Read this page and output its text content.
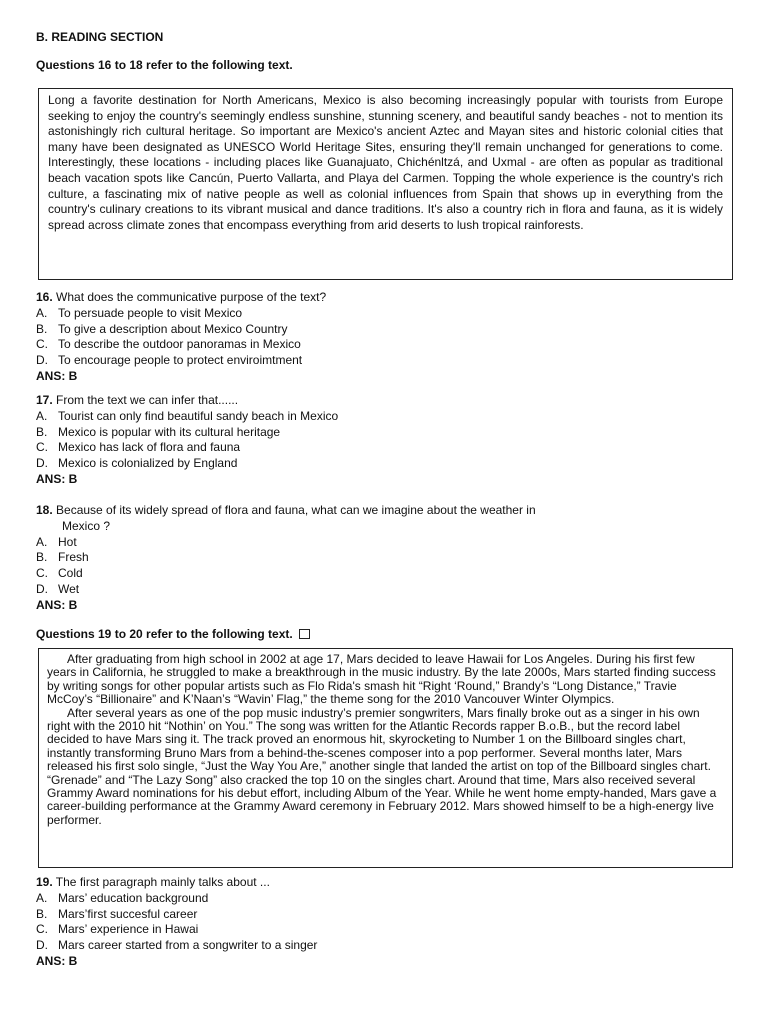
B. READING SECTION
Questions 16 to 18 refer to the following text.
Long a favorite destination for North Americans, Mexico is also becoming increasingly popular with tourists from Europe seeking to enjoy the country's seemingly endless sunshine, stunning scenery, and beautiful sandy beaches - not to mention its astonishingly rich cultural heritage. So important are Mexico's ancient Aztec and Mayan sites and historic colonial cities that many have been designated as UNESCO World Heritage Sites, ensuring they'll remain unchanged for generations to come. Interestingly, these locations - including places like Guanajuato, Chichénltzá, and Uxmal - are often as popular as traditional beach vacation spots like Cancún, Puerto Vallarta, and Playa del Carmen. Topping the whole experience is the country's rich culture, a fascinating mix of native people as well as colonial influences from Spain that shows up in everything from the country's culinary creations to its vibrant musical and dance traditions. It's also a country rich in flora and fauna, as it is widely spread across climate zones that encompass everything from arid deserts to lush tropical rainforests.
16. What does the communicative purpose of the text?
A. To persuade people to visit Mexico
B. To give a description about Mexico Country
C. To describe the outdoor panoramas in Mexico
D. To encourage people to protect enviroimtment
ANS: B
17. From the text we can infer that......
A. Tourist can only find beautiful sandy beach in Mexico
B. Mexico is popular with its cultural heritage
C. Mexico has lack of flora and fauna
D. Mexico is colonialized by England
ANS: B
18. Because of its widely spread of flora and fauna, what can we imagine about the weather in
Mexico ?
A. Hot
B. Fresh
C. Cold
D. Wet
ANS: B
Questions 19 to 20 refer to the following text.

After graduating from high school in 2002 at age 17, Mars decided to leave Hawaii for Los Angeles. During his first few years in California, he struggled to make a breakthrough in the music industry. By the late 2000s, Mars started finding success by writing songs for other popular artists such as Flo Rida's smash hit “Right ‘Round,” Brandy’s “Long Distance,” Travie McCoy’s “Billionaire” and K’Naan’s “Wavin’ Flag,” the theme song for the 2010 Vancouver Winter Olympics.

After several years as one of the pop music industry’s premier songwriters, Mars finally broke out as a singer in his own right with the 2010 hit “Nothin’ on You.” The song was written for the Atlantic Records rapper B.o.B., but the record label decided to have Mars sing it. The track proved an enormous hit, skyrocketing to Number 1 on the Billboard singles chart, instantly transforming Bruno Mars from a behind-the-scenes composer into a pop performer. Several months later, Mars released his first solo single, “Just the Way You Are,” another single that landed the artist on top of the Billboard singles chart. “Grenade” and “The Lazy Song” also cracked the top 10 on the singles chart. Around that time, Mars also received several Grammy Award nominations for his debut effort, including Album of the Year. While he went home empty-handed, Mars gave a career-building performance at the Grammy Award ceremony in February 2012. Mars showed himself to be a high-energy live performer.

19. The first paragraph mainly talks about ...
A. Mars’ education background
B. Mars’first succesful career
C. Mars’ experience in Hawai
D. Mars career started from a songwriter to a singer
ANS: B
